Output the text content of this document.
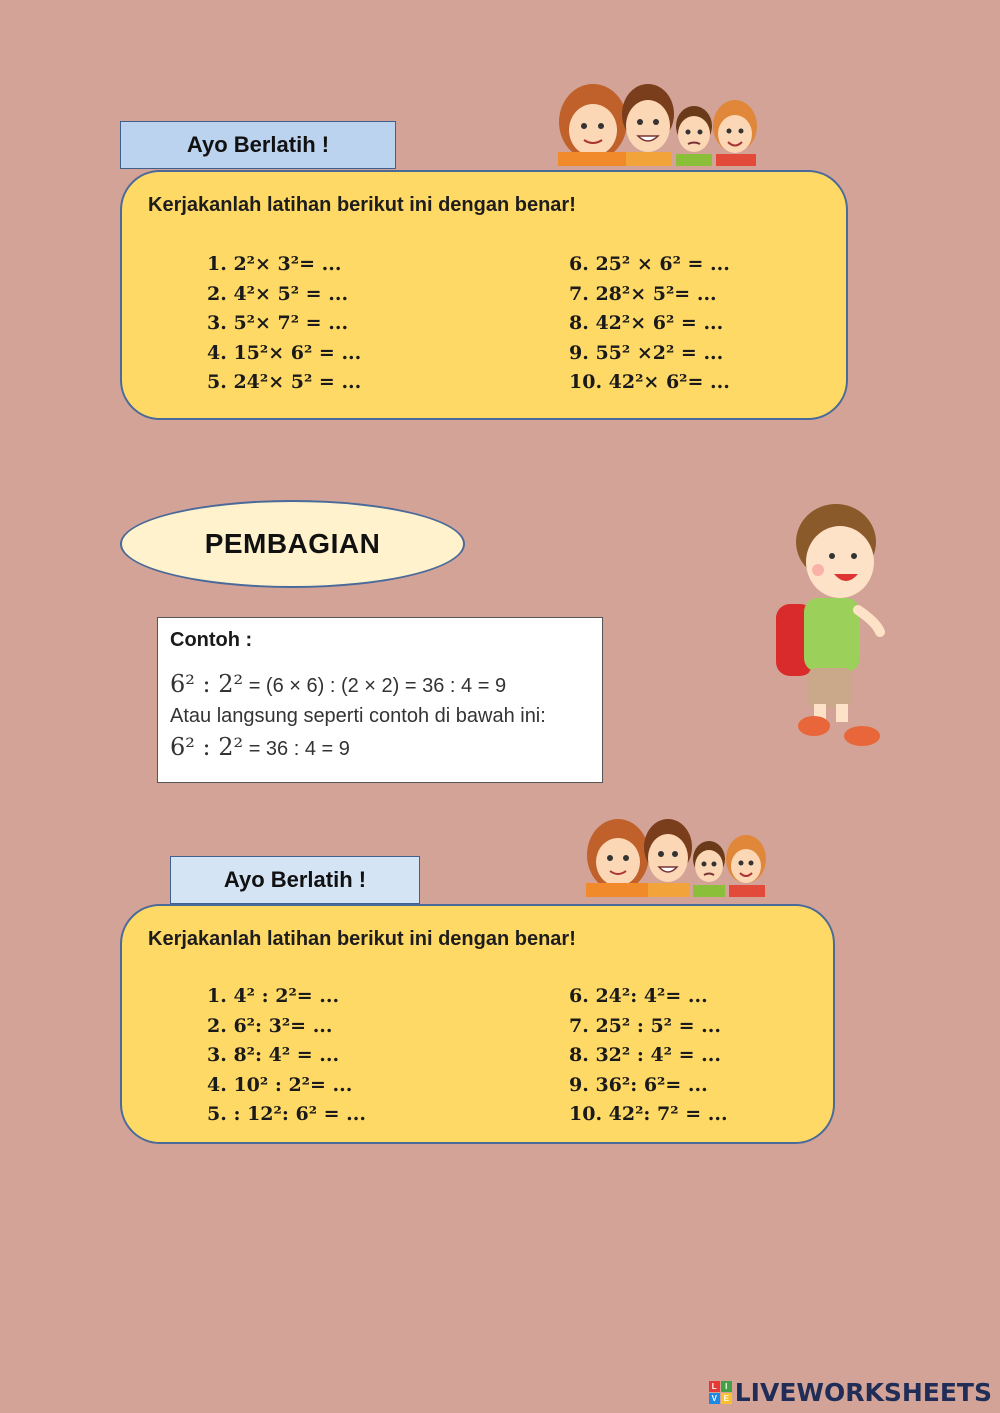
Ayo Berlatih !
Kerjakanlah latihan berikut ini dengan benar!
1. 2²× 3²= ...
2. 4²× 5² = ...
3. 5²× 7² = ...
4. 15²× 6² = ...
5. 24²× 5² = ...
6. 25² × 6² = ...
7. 28²× 5²= ...
8. 42²× 6² = ...
9. 55² ×2² = ...
10. 42²× 6²= ...
PEMBAGIAN
Contoh :
6² : 2² = (6 × 6) : (2 × 2) = 36 : 4 = 9
Atau langsung seperti contoh di bawah ini:
6² : 2² = 36 : 4 = 9
Ayo Berlatih !
Kerjakanlah latihan berikut ini dengan benar!
1. 4² : 2²= ...
2. 6²: 3²= ...
3. 8²: 4² = ...
4. 10² : 2²= ...
5. : 12²: 6² = ...
6. 24²: 4²= ...
7. 25² : 5² = ...
8. 32² : 4² = ...
9. 36²: 6²= ...
10. 42²: 7² = ...
L	I
V E LIVEWORKSHEETS
